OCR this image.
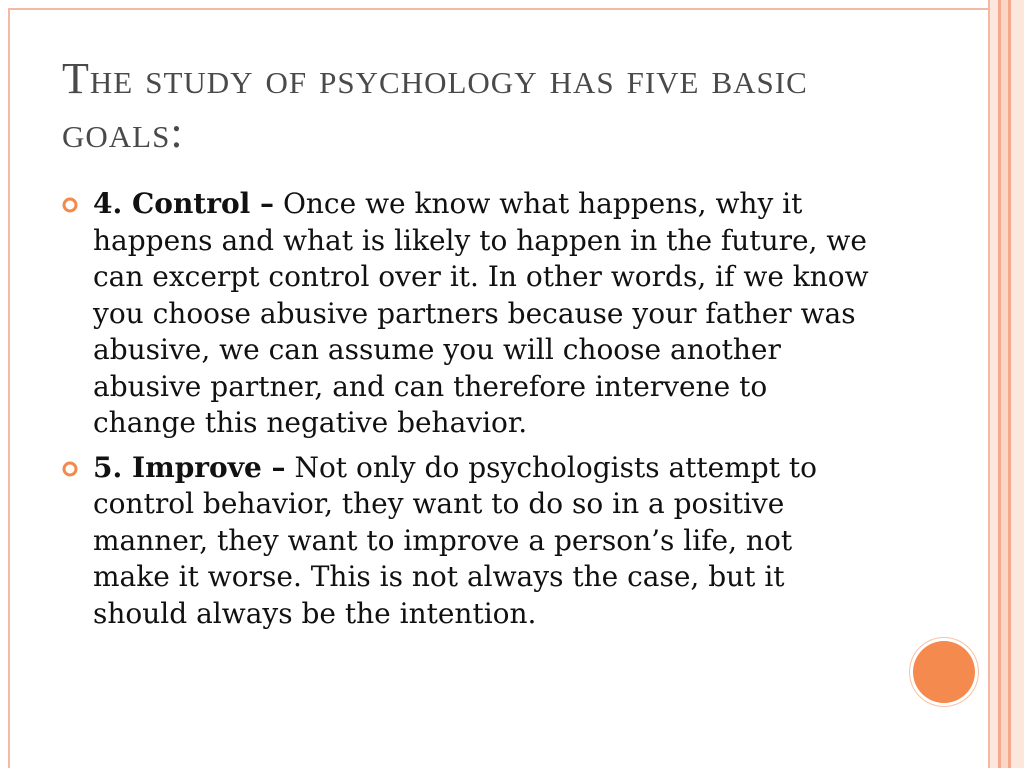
The study of psychology has five basic goals:

4. Control – Once we know what happens, why it happens and what is likely to happen in the future, we can excerpt control over it. In other words, if we know you choose abusive partners because your father was abusive, we can assume you will choose another abusive partner, and can therefore intervene to change this negative behavior.

5. Improve – Not only do psychologists attempt to control behavior, they want to do so in a positive manner, they want to improve a person’s life, not make it worse. This is not always the case, but it should always be the intention.
